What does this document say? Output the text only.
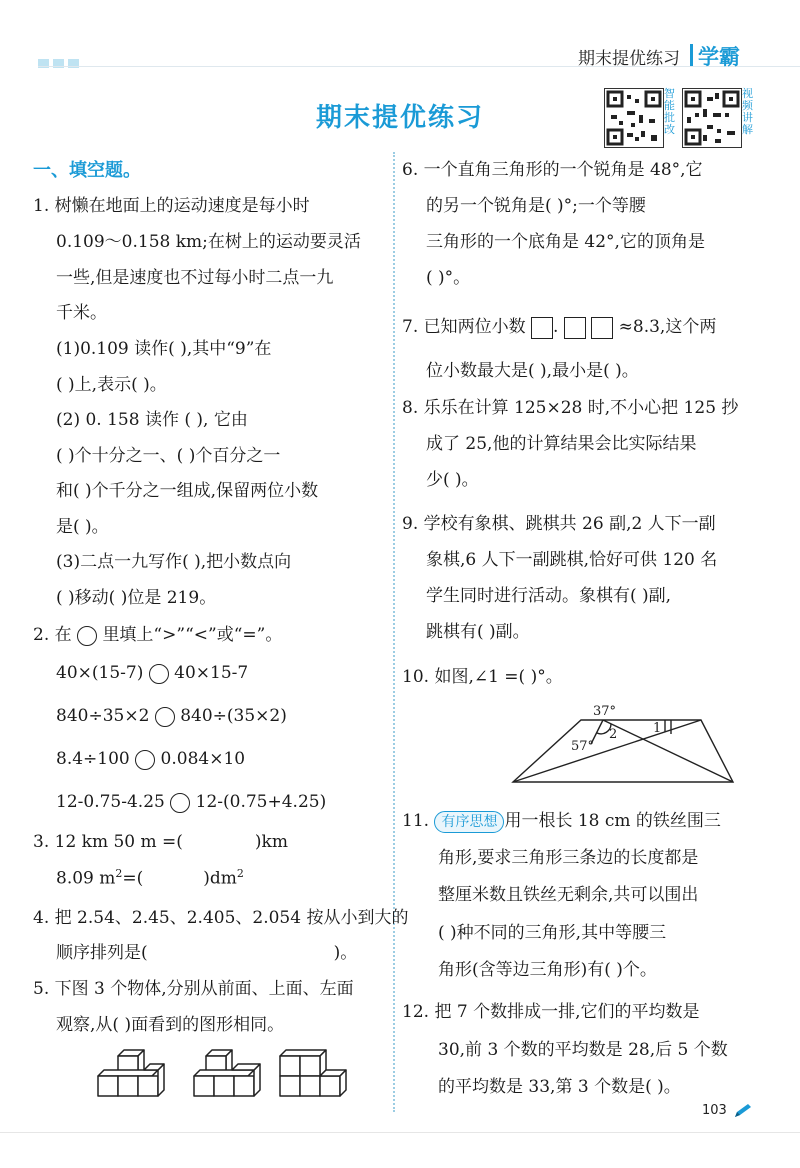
期末提优练习 学霸
期末提优练习
智能批改
视频讲解
一、填空题。
1. 树懒在地面上的运动速度是每小时
0.109～0.158 km;在树上的运动要灵活
一些,但是速度也不过每小时二点一九
千米。
(1)0.109 读作( ),其中“9”在
( )上,表示( )。
(2) 0. 158 读作 ( ), 它由
( )个十分之一、( )个百分之一
和( )个千分之一组成,保留两位小数
是( )。
(3)二点一九写作( ),把小数点向
( )移动( )位是 219。
2. 在 里填上“>”“<”或“=”。
40×(15-7) 40×15-7
840÷35×2 840÷(35×2)
8.4÷100 0.084×10
12-0.75-4.25 12-(0.75+4.25)
3. 12 km 50 m =(	)km
8.09 $m^2=$(	)$dm^2$
4. 把 2.54、2.45、2.405、2.054 按从小到大的
顺序排列是(	)。
5. 下图 3 个物体,分别从前面、上面、左面
观察,从( )面看到的图形相同。
6. 一个直角三角形的一个锐角是 48°,它
的另一个锐角是( )°;一个等腰
三角形的一个底角是 42°,它的顶角是
( )°。
7. 已知两位小数 .	≈8.3,这个两
位小数最大是( ),最小是( )。
8. 乐乐在计算 125×28 时,不小心把 125 抄
成了 25,他的计算结果会比实际结果
少( )。
9. 学校有象棋、跳棋共 26 副,2 人下一副
象棋,6 人下一副跳棋,恰好可供 120 名
学生同时进行活动。象棋有( )副,
跳棋有( )副。
10. 如图,∠1 =( )°。
37°
57°
1
2
11. 有序思想 用一根长 18 cm 的铁丝围三
角形,要求三角形三条边的长度都是
整厘米数且铁丝无剩余,共可以围出
( )种不同的三角形,其中等腰三
角形(含等边三角形)有( )个。
12. 把 7 个数排成一排,它们的平均数是
30,前 3 个数的平均数是 28,后 5 个数
的平均数是 33,第 3 个数是( )。
103
